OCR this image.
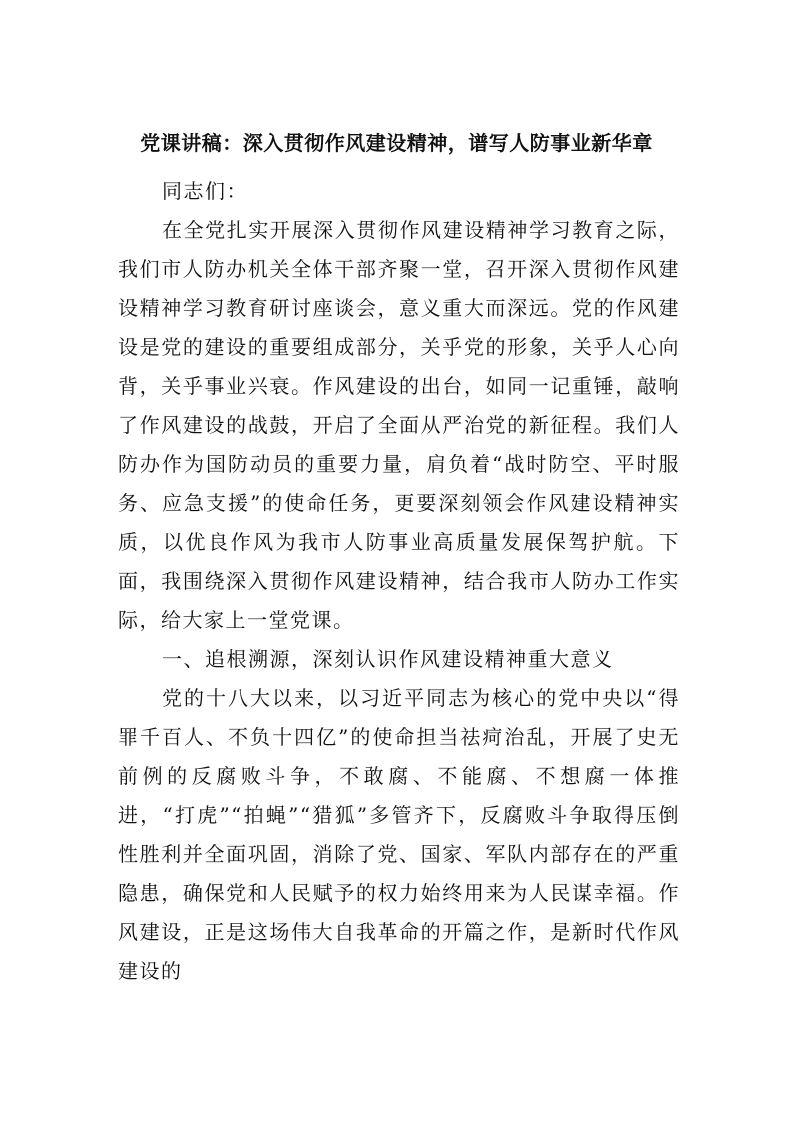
党课讲稿：深入贯彻作风建设精神，谱写人防事业新华章

同志们：

在全党扎实开展深入贯彻作风建设精神学习教育之际，我们市人防办机关全体干部齐聚一堂，召开深入贯彻作风建设精神学习教育研讨座谈会，意义重大而深远。党的作风建设是党的建设的重要组成部分，关乎党的形象，关乎人心向背，关乎事业兴衰。作风建设的出台，如同一记重锤，敲响了作风建设的战鼓，开启了全面从严治党的新征程。我们人防办作为国防动员的重要力量，肩负着“战时防空、平时服务、应急支援”的使命任务，更要深刻领会作风建设精神实质，以优良作风为我市人防事业高质量发展保驾护航。下面，我围绕深入贯彻作风建设精神，结合我市人防办工作实际，给大家上一堂党课。

一、追根溯源，深刻认识作风建设精神重大意义

党的十八大以来，以习近平同志为核心的党中央以“得罪千百人、不负十四亿”的使命担当祛疴治乱，开展了史无前例的反腐败斗争，不敢腐、不能腐、不想腐一体推进，“打虎”“拍蝇”“猎狐”多管齐下，反腐败斗争取得压倒性胜利并全面巩固，消除了党、国家、军队内部存在的严重隐患，确保党和人民赋予的权力始终用来为人民谋幸福。作风建设，正是这场伟大自我革命的开篇之作，是新时代作风建设的
